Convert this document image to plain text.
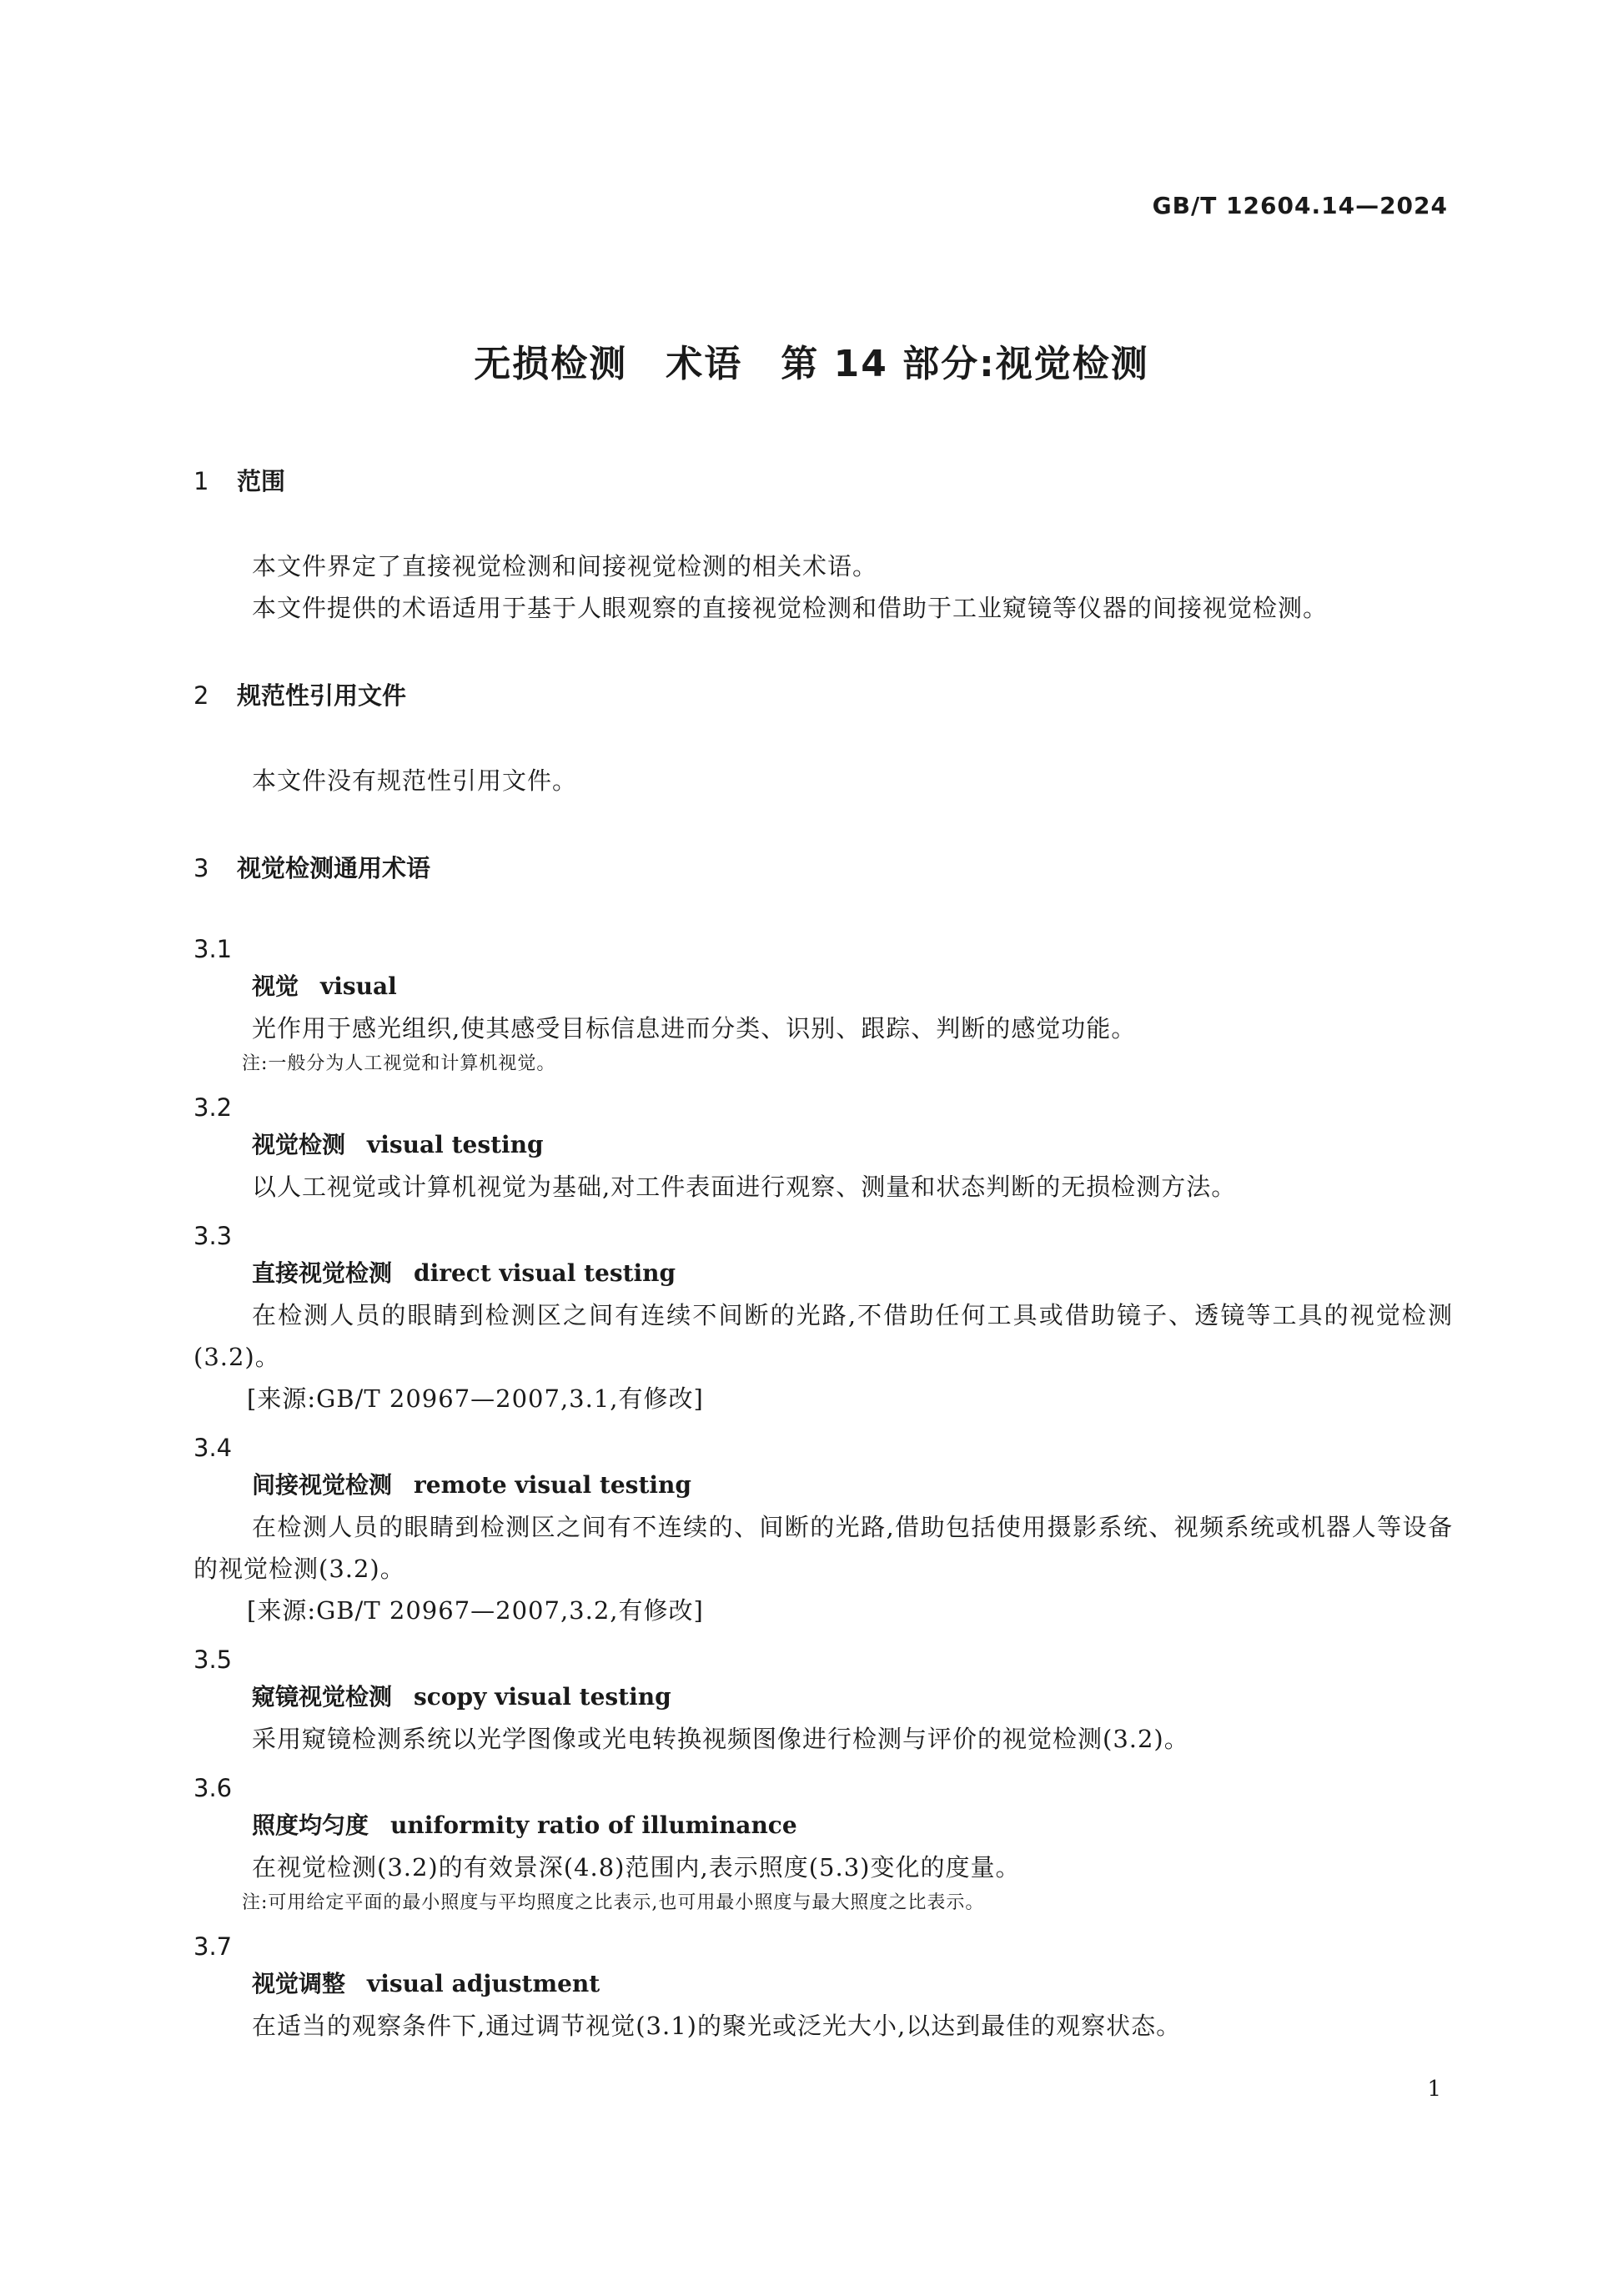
GB/T 12604.14—2024
无损检测　术语　第 14 部分:视觉检测
1	范围
本文件界定了直接视觉检测和间接视觉检测的相关术语。
本文件提供的术语适用于基于人眼观察的直接视觉检测和借助于工业窥镜等仪器的间接视觉检测。
2	规范性引用文件
本文件没有规范性引用文件。
3	视觉检测通用术语
3.1
视觉 visual
光作用于感光组织,使其感受目标信息进而分类、识别、跟踪、判断的感觉功能。
注:一般分为人工视觉和计算机视觉。
3.2
视觉检测 visual testing
以人工视觉或计算机视觉为基础,对工件表面进行观察、测量和状态判断的无损检测方法。
3.3
直接视觉检测 direct visual testing
在检测人员的眼睛到检测区之间有连续不间断的光路,不借助任何工具或借助镜子、透镜等工具的视觉检测(3.2)。
[来源:GB/T 20967—2007,3.1,有修改]
3.4
间接视觉检测 remote visual testing
在检测人员的眼睛到检测区之间有不连续的、间断的光路,借助包括使用摄影系统、视频系统或机器人等设备的视觉检测(3.2)。
[来源:GB/T 20967—2007,3.2,有修改]
3.5
窥镜视觉检测 scopy visual testing
采用窥镜检测系统以光学图像或光电转换视频图像进行检测与评价的视觉检测(3.2)。
3.6
照度均匀度 uniformity ratio of illuminance
在视觉检测(3.2)的有效景深(4.8)范围内,表示照度(5.3)变化的度量。
注:可用给定平面的最小照度与平均照度之比表示,也可用最小照度与最大照度之比表示。
3.7
视觉调整 visual adjustment
在适当的观察条件下,通过调节视觉(3.1)的聚光或泛光大小,以达到最佳的观察状态。
1
